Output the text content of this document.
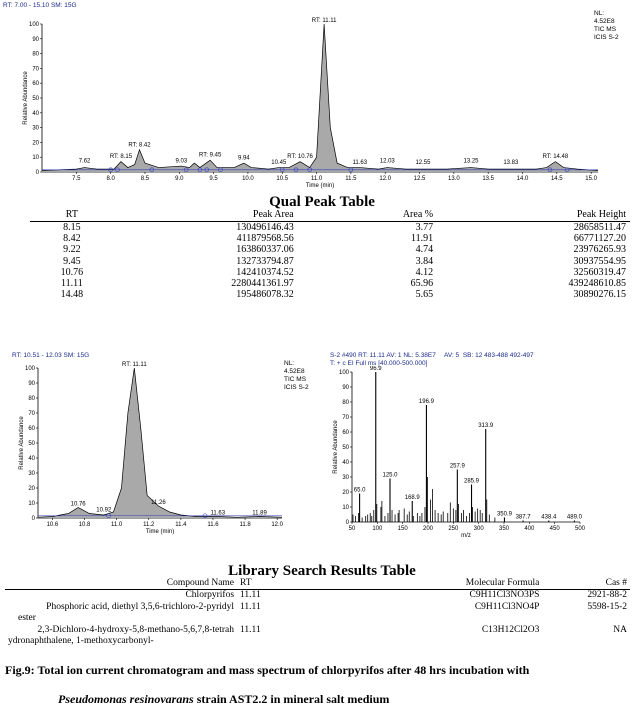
RT: 7.00 - 15.10 SM: 15G
NL:
4.52E8
TIC MS
ICIS S-2
0
10
20
30
40
50
60
70
80
90
100
7.5	8.0	8.5	9.0	9.5	10.0	10.5	11.0	11.5	12.0	12.5	13.0	13.5	14.0	14.5	15.0
Time (min)
Relative Abundance
7.62
RT: 8.15
RT: 8.42
9.03
RT: 9.45	9.94
10.45
RT: 10.76
RT: 11.11
11.63 12.03	12.55	13.25	13.83
RT: 14.48
Qual Peak Table
RT	Peak Area	Area %	Peak Height
8.15	130496146.43	3.77	28658511.47
8.42	411879568.56	11.91	66771127.20
9.22	163860337.06	4.74	23976265.93
9.45	132733794.87	3.84	30937554.95
10.76	142410374.52	4.12	32560319.47
11.11	2280441361.97	65.96	439248610.85
14.48	195486078.32	5.65	30890276.15
RT: 10.51 - 12.03 SM: 15G
NL:
4.52E8
TIC MS
ICIS S-2
0
10
20
30
40
50
60
70
80
90
100
10.6	10.8	11.0	11.2	11.4	11.6	11.8	12.0
Time (min)
Relative Abundance
10.76
10.92
RT: 11.11
11.26
11.63	11.89
S-2 #490 RT: 11.11 AV: 1 NL: 5.38E7
T: + c EI Full ms [40.000-500.000]
AV: 5 SB: 12 483-488 492-497
0
10
20
30
40
50
60
70
80
90
100
50	100	150	200	250	300	350	400	450	500
m/z
Relative Abundance
65.0
96.9
125.0
168.9
196.9
257.9
285.9
313.9
350.9 387.7 438.4 489.0
Library Search Results Table
Compound Name	RT	Molecular Formula	Cas #

Chlorpyrifos	11.11	C9H11Cl3NO3PS	2921-88-2

Phosphoric acid, diethyl 3,5,6-trichloro-2-pyridyl
ester	11.11	C9H11Cl3NO4P	5598-15-2

2,3-Dichloro-4-hydroxy-5,8-methano-5,6,7,8-tetrah
ydronaphthalene, 1-methoxycarbonyl-	11.11	C13H12Cl2O3	NA
Fig.9: Total ion current chromatogram and mass spectrum of chlorpyrifos after 48 hrs incubation with
Pseudomonas resinovarans strain AST2.2 in mineral salt medium
